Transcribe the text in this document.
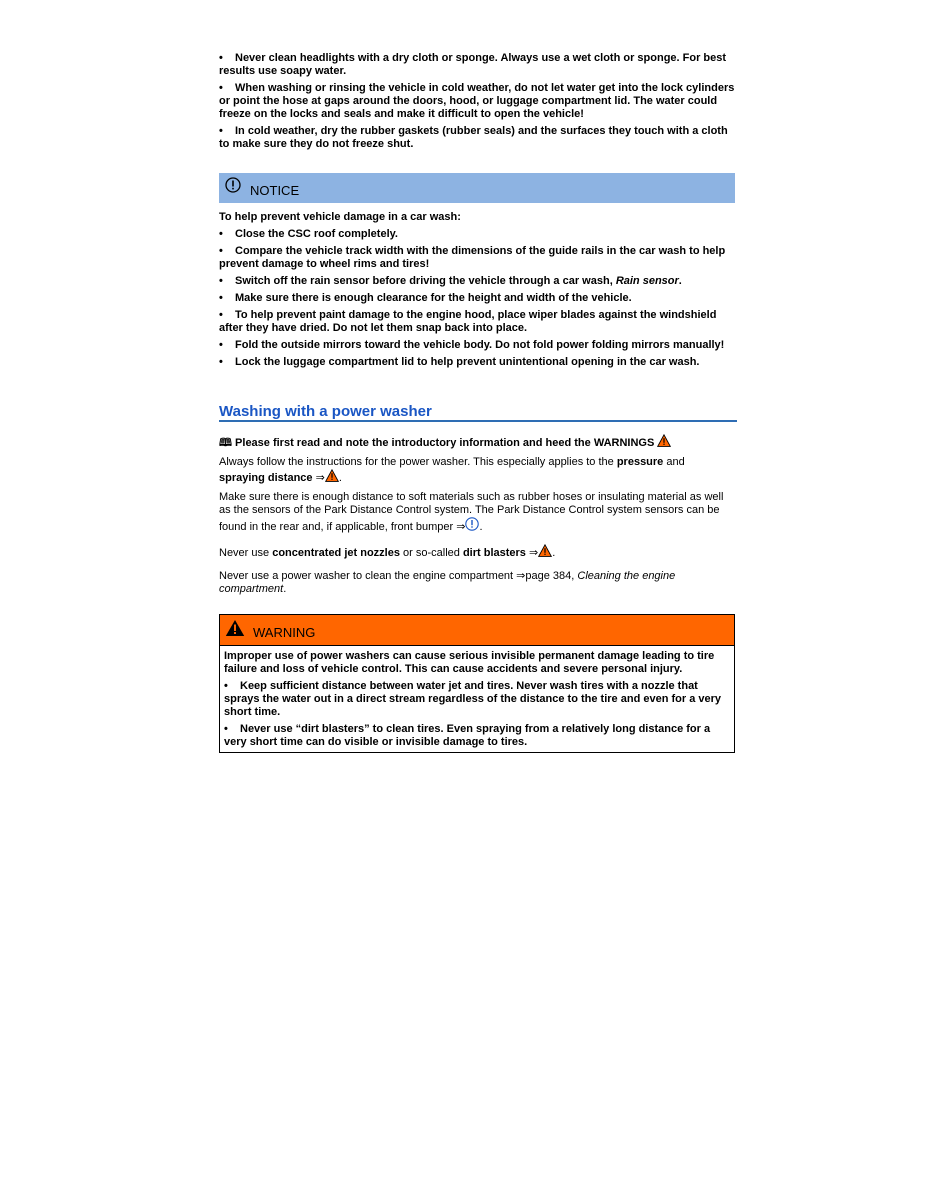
• Never clean headlights with a dry cloth or sponge. Always use a wet cloth or sponge. For best results use soapy water.
• When washing or rinsing the vehicle in cold weather, do not let water get into the lock cylinders or point the hose at gaps around the doors, hood, or luggage compartment lid. The water could freeze on the locks and seals and make it difficult to open the vehicle!
• In cold weather, dry the rubber gaskets (rubber seals) and the surfaces they touch with a cloth to make sure they do not freeze shut.
NOTICE
To help prevent vehicle damage in a car wash:
• Close the CSC roof completely.
• Compare the vehicle track width with the dimensions of the guide rails in the car wash to help prevent damage to wheel rims and tires!
• Switch off the rain sensor before driving the vehicle through a car wash, Rain sensor.
• Make sure there is enough clearance for the height and width of the vehicle.
• To help prevent paint damage to the engine hood, place wiper blades against the windshield after they have dried. Do not let them snap back into place.
• Fold the outside mirrors toward the vehicle body. Do not fold power folding mirrors manually!
• Lock the luggage compartment lid to help prevent unintentional opening in the car wash.
Washing with a power washer
🕮 Please first read and note the introductory information and heed the WARNINGS
Always follow the instructions for the power washer. This especially applies to the pressure and
spraying distance ⇒ .
Make sure there is enough distance to soft materials such as rubber hoses or insulating material as well as the sensors of the Park Distance Control system. The Park Distance Control system sensors can be found in the rear and, if applicable, front bumper ⇒ .
Never use concentrated jet nozzles or so-called dirt blasters ⇒ .
Never use a power washer to clean the engine compartment ⇒page 384, Cleaning the engine compartment.
WARNING
Improper use of power washers can cause serious invisible permanent damage leading to tire failure and loss of vehicle control. This can cause accidents and severe personal injury.
• Keep sufficient distance between water jet and tires. Never wash tires with a nozzle that sprays the water out in a direct stream regardless of the distance to the tire and even for a very short time.
• Never use “dirt blasters” to clean tires. Even spraying from a relatively long distance for a very short time can do visible or invisible damage to tires.
